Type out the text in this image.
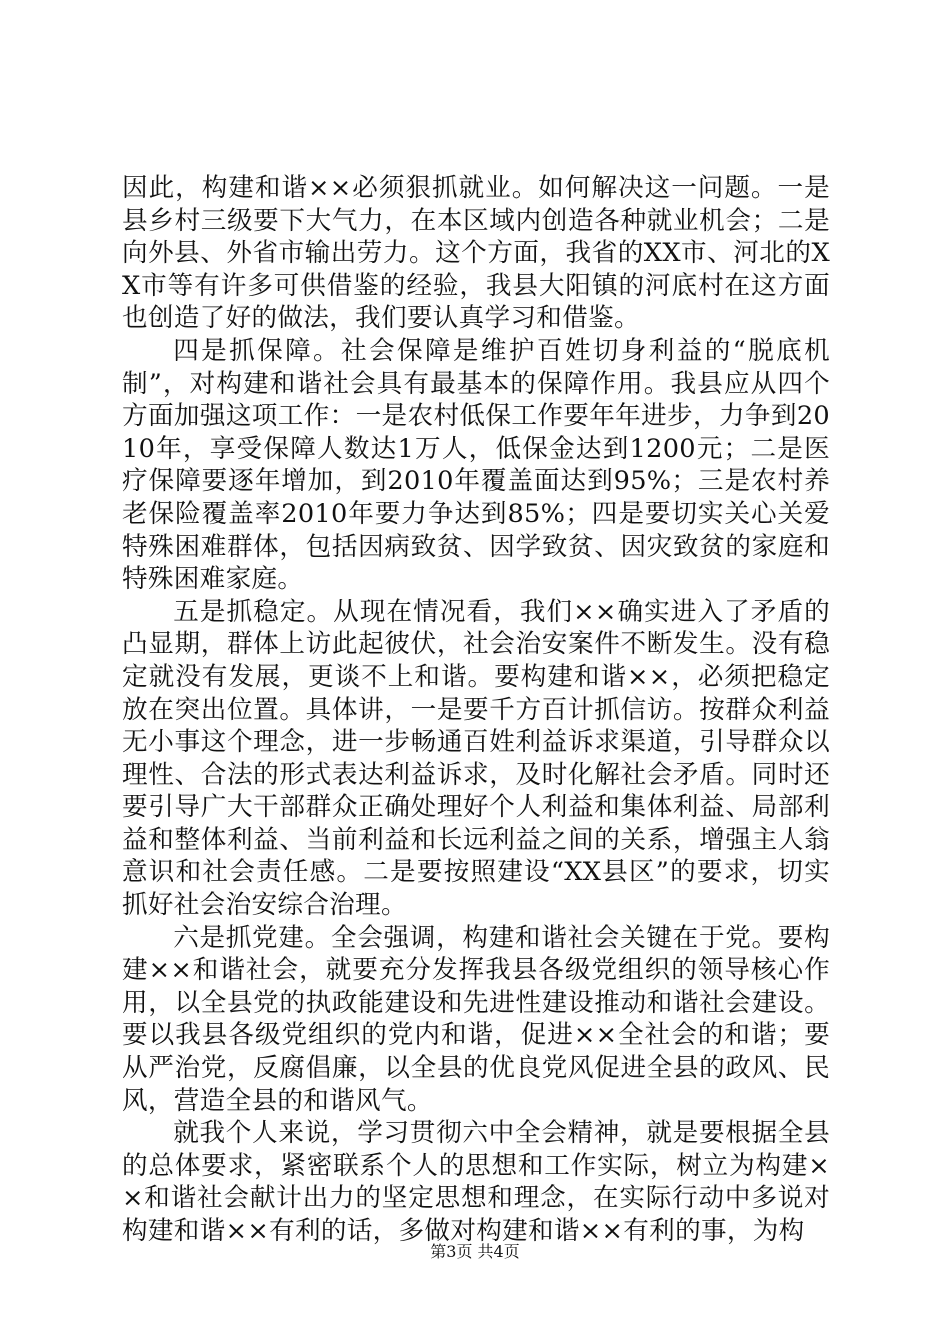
因此，构建和谐××必须狠抓就业。如何解决这一问题。一是县乡村三级要下大气力，在本区域内创造各种就业机会；二是向外县、外省市输出劳力。这个方面，我省的XX市、河北的XX市等有许多可供借鉴的经验，我县大阳镇的河底村在这方面也创造了好的做法，我们要认真学习和借鉴。

四是抓保障。社会保障是维护百姓切身利益的“脱底机制”，对构建和谐社会具有最基本的保障作用。我县应从四个方面加强这项工作：一是农村低保工作要年年进步，力争到2010年，享受保障人数达1万人，低保金达到1200元；二是医疗保障要逐年增加，到2010年覆盖面达到95%；三是农村养老保险覆盖率2010年要力争达到85%；四是要切实关心关爱特殊困难群体，包括因病致贫、因学致贫、因灾致贫的家庭和特殊困难家庭。

五是抓稳定。从现在情况看，我们××确实进入了矛盾的凸显期，群体上访此起彼伏，社会治安案件不断发生。没有稳定就没有发展，更谈不上和谐。要构建和谐××，必须把稳定放在突出位置。具体讲，一是要千方百计抓信访。按群众利益无小事这个理念，进一步畅通百姓利益诉求渠道，引导群众以理性、合法的形式表达利益诉求，及时化解社会矛盾。同时还要引导广大干部群众正确处理好个人利益和集体利益、局部利益和整体利益、当前利益和长远利益之间的关系，增强主人翁意识和社会责任感。二是要按照建设“XX县区”的要求，切实抓好社会治安综合治理。

六是抓党建。全会强调，构建和谐社会关键在于党。要构建××和谐社会，就要充分发挥我县各级党组织的领导核心作用，以全县党的执政能建设和先进性建设推动和谐社会建设。要以我县各级党组织的党内和谐，促进××全社会的和谐；要从严治党，反腐倡廉，以全县的优良党风促进全县的政风、民风，营造全县的和谐风气。

就我个人来说，学习贯彻六中全会精神，就是要根据全县的总体要求，紧密联系个人的思想和工作实际，树立为构建××和谐社会献计出力的坚定思想和理念，在实际行动中多说对构建和谐××有利的话，多做对构建和谐××有利的事，为构

第3页 共4页
